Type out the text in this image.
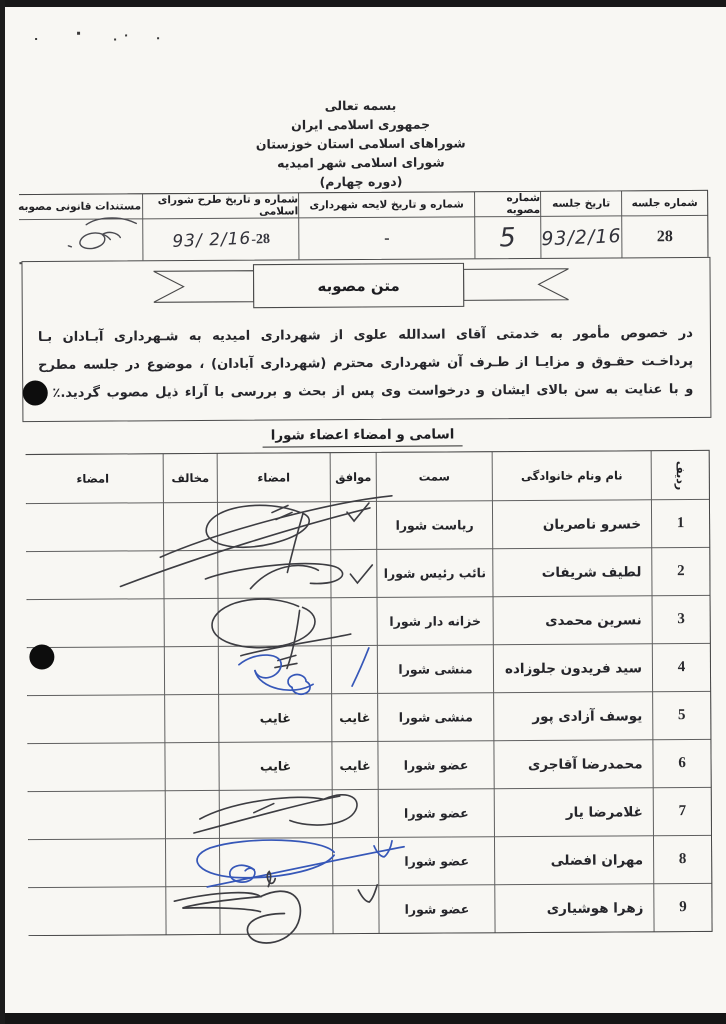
بسمه تعالی
جمهوری اسلامی ایران
شوراهای اسلامی استان خوزستان
شورای اسلامی شهر امیدیه
(دوره چهارم)
شماره جلسه
تاریخ جلسه
شماره مصوبه
شماره و تاریخ لایحه شهرداری
شماره و تاریخ طرح شورای اسلامی
مستندات قانونی مصوبه
28
93/2/16
5
-
93/ 2/16-28
متن مصوبه
در خصوص مأمور به خدمتی آقای اسدالله علوی از شهرداری امیدیه به شـهرداری آبـادان بـا پرداخـت حقـوق و مزایـا از طـرف آن شهرداری محترم (شهرداری آبادان) ، موضوع در جلسه مطرح و با عنایت به سن بالای ایشان و درخواست وی پس از بحث و بررسی با آراء ذیل مصوب گردید.٪
اسامی و امضاء اعضاء شورا
ردیف
نام ونام خانوادگی
سمت
موافق
امضاء
مخالف
امضاء
1
خسرو ناصریان
ریاست شورا
2
لطیف شریفات
نائب رئیس شورا
3
نسرین محمدی
خزانه دار شورا
4
سید فریدون جلوزاده
منشی شورا
5
یوسف آزادی پور
منشی شورا
غایب
غایب
6
محمدرضا آقاجری
عضو شورا
غایب
غایب
7
غلامرضا یار
عضو شورا
8
مهران افضلی
عضو شورا
9
زهرا هوشیاری
عضو شورا
